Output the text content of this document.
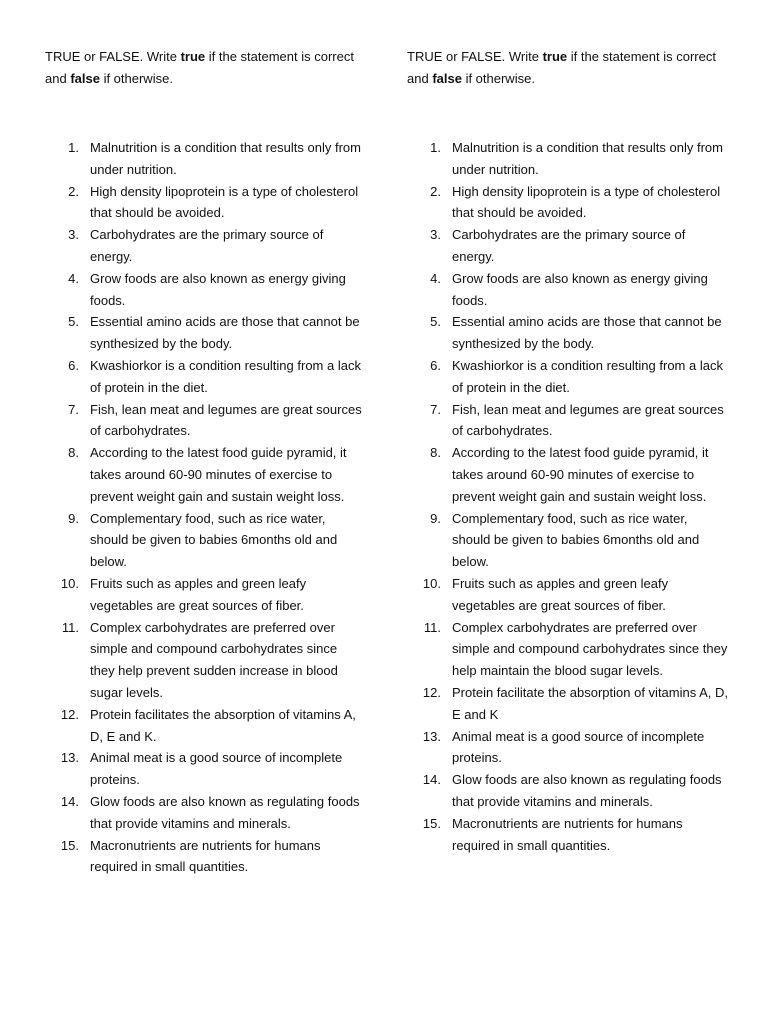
TRUE or FALSE. Write true if the statement is correct and false if otherwise.

1. Malnutrition is a condition that results only from under nutrition.
2. High density lipoprotein is a type of cholesterol that should be avoided.
3. Carbohydrates are the primary source of energy.
4. Grow foods are also known as energy giving foods.
5. Essential amino acids are those that cannot be synthesized by the body.
6. Kwashiorkor is a condition resulting from a lack of protein in the diet.
7. Fish, lean meat and legumes are great sources of carbohydrates.
8. According to the latest food guide pyramid, it takes around 60-90 minutes of exercise to prevent weight gain and sustain weight loss.
9. Complementary food, such as rice water, should be given to babies 6months old and below.
10. Fruits such as apples and green leafy vegetables are great sources of fiber.
11. Complex carbohydrates are preferred over simple and compound carbohydrates since they help prevent sudden increase in blood sugar levels.
12. Protein facilitates the absorption of vitamins A, D, E and K.
13. Animal meat is a good source of incomplete proteins.
14. Glow foods are also known as regulating foods that provide vitamins and minerals.
15. Macronutrients are nutrients for humans required in small quantities.

TRUE or FALSE. Write true if the statement is correct and false if otherwise.

1. Malnutrition is a condition that results only from under nutrition.
2. High density lipoprotein is a type of cholesterol that should be avoided.
3. Carbohydrates are the primary source of energy.
4. Grow foods are also known as energy giving foods.
5. Essential amino acids are those that cannot be synthesized by the body.
6. Kwashiorkor is a condition resulting from a lack of protein in the diet.
7. Fish, lean meat and legumes are great sources of carbohydrates.
8. According to the latest food guide pyramid, it takes around 60-90 minutes of exercise to prevent weight gain and sustain weight loss.
9. Complementary food, such as rice water, should be given to babies 6months old and below.
10. Fruits such as apples and green leafy vegetables are great sources of fiber.
11. Complex carbohydrates are preferred over simple and compound carbohydrates since they help maintain the blood sugar levels.
12. Protein facilitate the absorption of vitamins A, D, E and K
13. Animal meat is a good source of incomplete proteins.
14. Glow foods are also known as regulating foods that provide vitamins and minerals.
15. Macronutrients are nutrients for humans required in small quantities.
